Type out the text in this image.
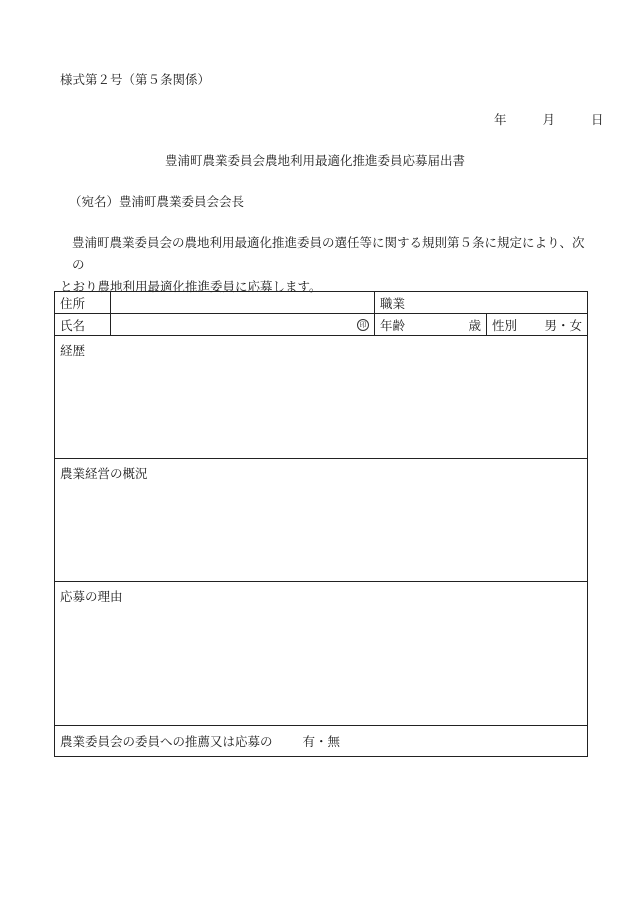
様式第２号（第５条関係）
年	月	日
豊浦町農業委員会農地利用最適化推進委員応募届出書
（宛名）豊浦町農業委員会会長
豊浦町農業委員会の農地利用最適化推進委員の選任等に関する規則第５条に規定により、次の
とおり農地利用最適化推進委員に応募します。
住所		職業	
氏名	印	年齢 歳	性別 男・女

経歴			
農業経営の概況			
応募の理由			
農業委員会の委員への推薦又は応募の 有・無			
